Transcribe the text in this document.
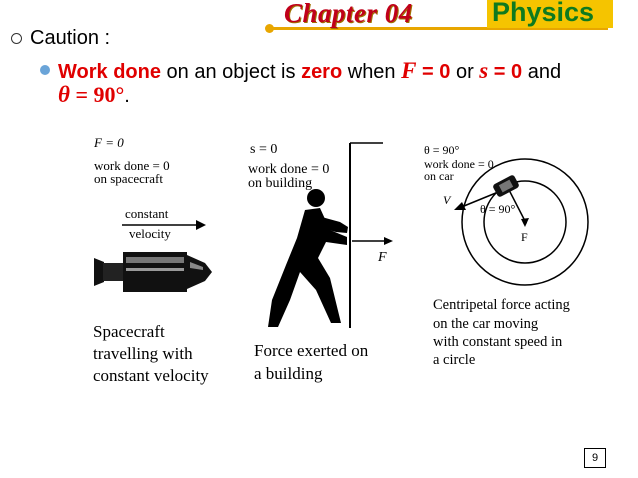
Chapter 04	Physics
Caution :
Work done on an object is zero when F = 0 or s = 0 and
θ = 90°.
F = 0
work done = 0
on spacecraft
constant
velocity
Spacecraft
travelling with
constant velocity
s = 0
work done = 0
on building
F
Force exerted on
a building
θ = 90°
work done = 0
on car
V
θ = 90°
F
Centripetal force acting
on the car moving
with constant speed in
a circle
9
